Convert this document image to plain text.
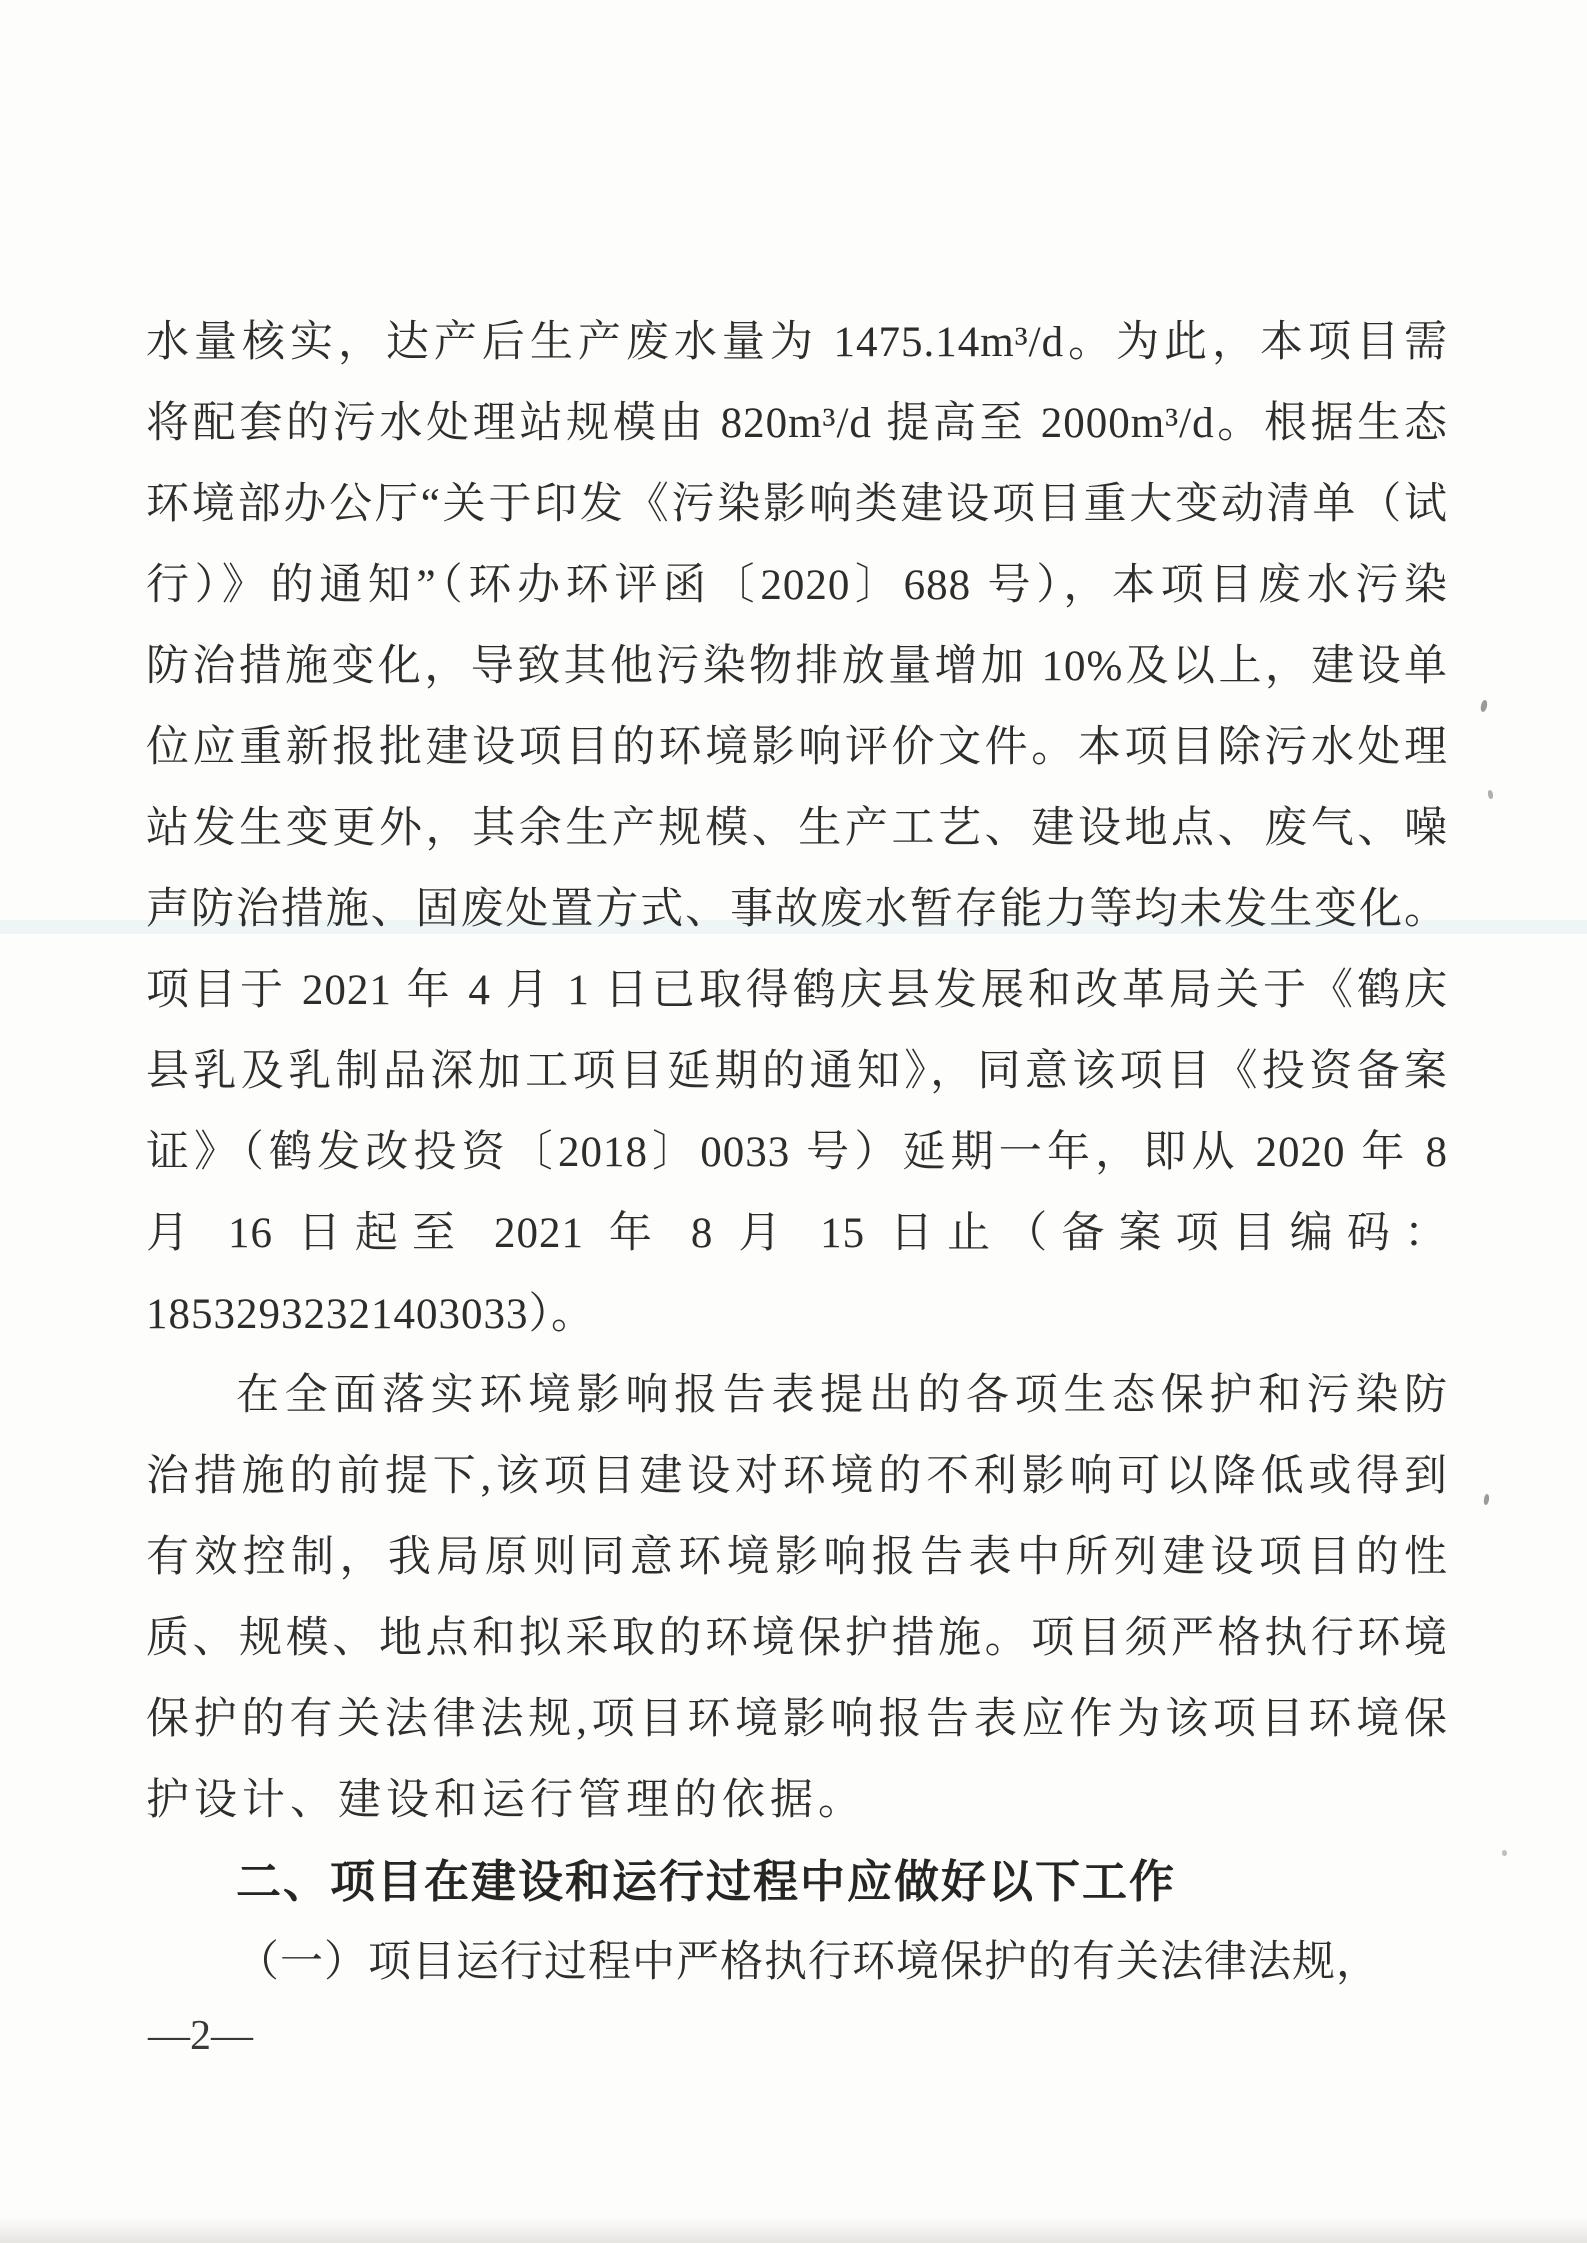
水量核实，达产后生产废水量为 1475.14m³/d。为此，本项目需
将配套的污水处理站规模由 820m³/d 提高至 2000m³/d。根据生态
环境部办公厅“关于印发《污染影响类建设项目重大变动清单（试
行）》的通知”（环办环评函〔2020〕688 号），本项目废水污染
防治措施变化，导致其他污染物排放量增加 10%及以上，建设单
位应重新报批建设项目的环境影响评价文件。本项目除污水处理
站发生变更外，其余生产规模、生产工艺、建设地点、废气、噪
声防治措施、固废处置方式、事故废水暂存能力等均未发生变化。
项目于 2021 年 4 月 1 日已取得鹤庆县发展和改革局关于《鹤庆
县乳及乳制品深加工项目延期的通知》，同意该项目《投资备案
证》（鹤发改投资〔2018〕0033 号）延期一年，即从 2020 年 8
月 16 日起至 2021 年 8 月 15 日止（备案项目编码：
18532932321403033）。
在全面落实环境影响报告表提出的各项生态保护和污染防
治措施的前提下,该项目建设对环境的不利影响可以降低或得到
有效控制，我局原则同意环境影响报告表中所列建设项目的性
质、规模、地点和拟采取的环境保护措施。项目须严格执行环境
保护的有关法律法规,项目环境影响报告表应作为该项目环境保
护设计、建设和运行管理的依据。
二、项目在建设和运行过程中应做好以下工作
（一）项目运行过程中严格执行环境保护的有关法律法规，
—2—
